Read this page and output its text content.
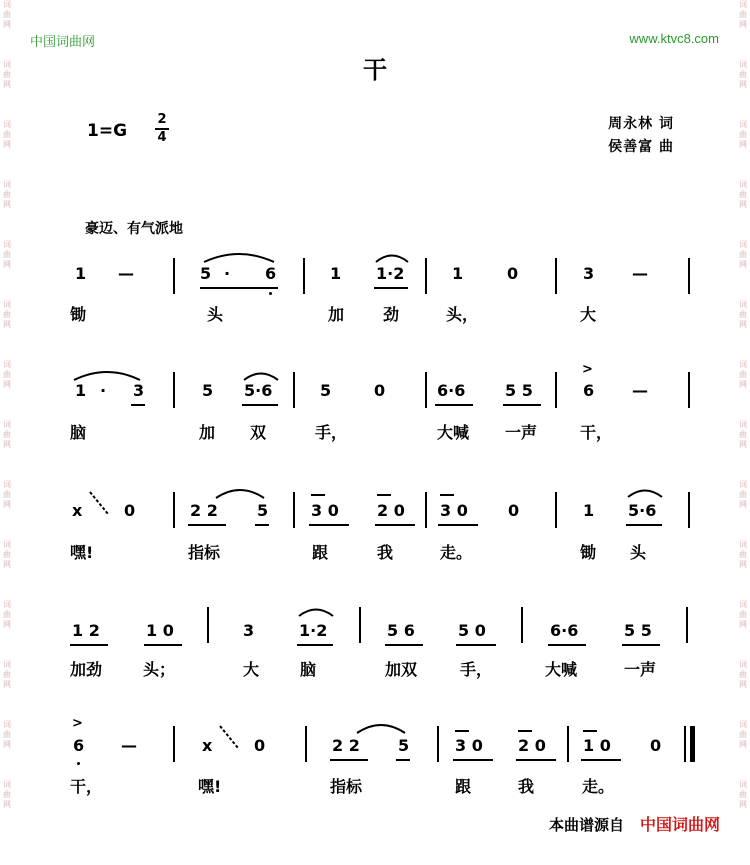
词
曲
网
词
曲
网
词
曲
网
词
曲
网
词
曲
网
词
曲
网
词
曲
网
词
曲
网
词
曲
网
词
曲
网
词
曲
网
词
曲
网
词
曲
网
词
曲
网
词
曲
网
词
曲
网
词
曲
网
词
曲
网
词
曲
网
词
曲
网
词
曲
网
词
曲
网
词
曲
网
词
曲
网
词
曲
网
词
曲
网
词
曲
网
词
曲
网
中国词曲网	www.ktvc8.com
干
1=G
2
4
周永林 词
侯善富 曲
豪迈、有气派地
1 —	5 · 6	1 1·2	1	0	3 —
锄	头	加 劲	头，	大
1 · 3	5 5·6	5	0	6·6 5 5
>
6 —
脑	加 双	手，	大喊 一声	干，
x	0	2 2 5	3 0 2 0 3 0	0	1 5·6
嘿!	指标	跟	我	走。	锄 头
1 2	1 0	3	1·2	5 6	5 0	6·6	5 5
加劲	头；	大	脑	加双	手，	大喊	一声
>
6 —	x	0	2 2 5	3 0 2 0 1 0 0
干，	嘿!	指标	跟	我	走。
本曲谱源自 中国词曲网
